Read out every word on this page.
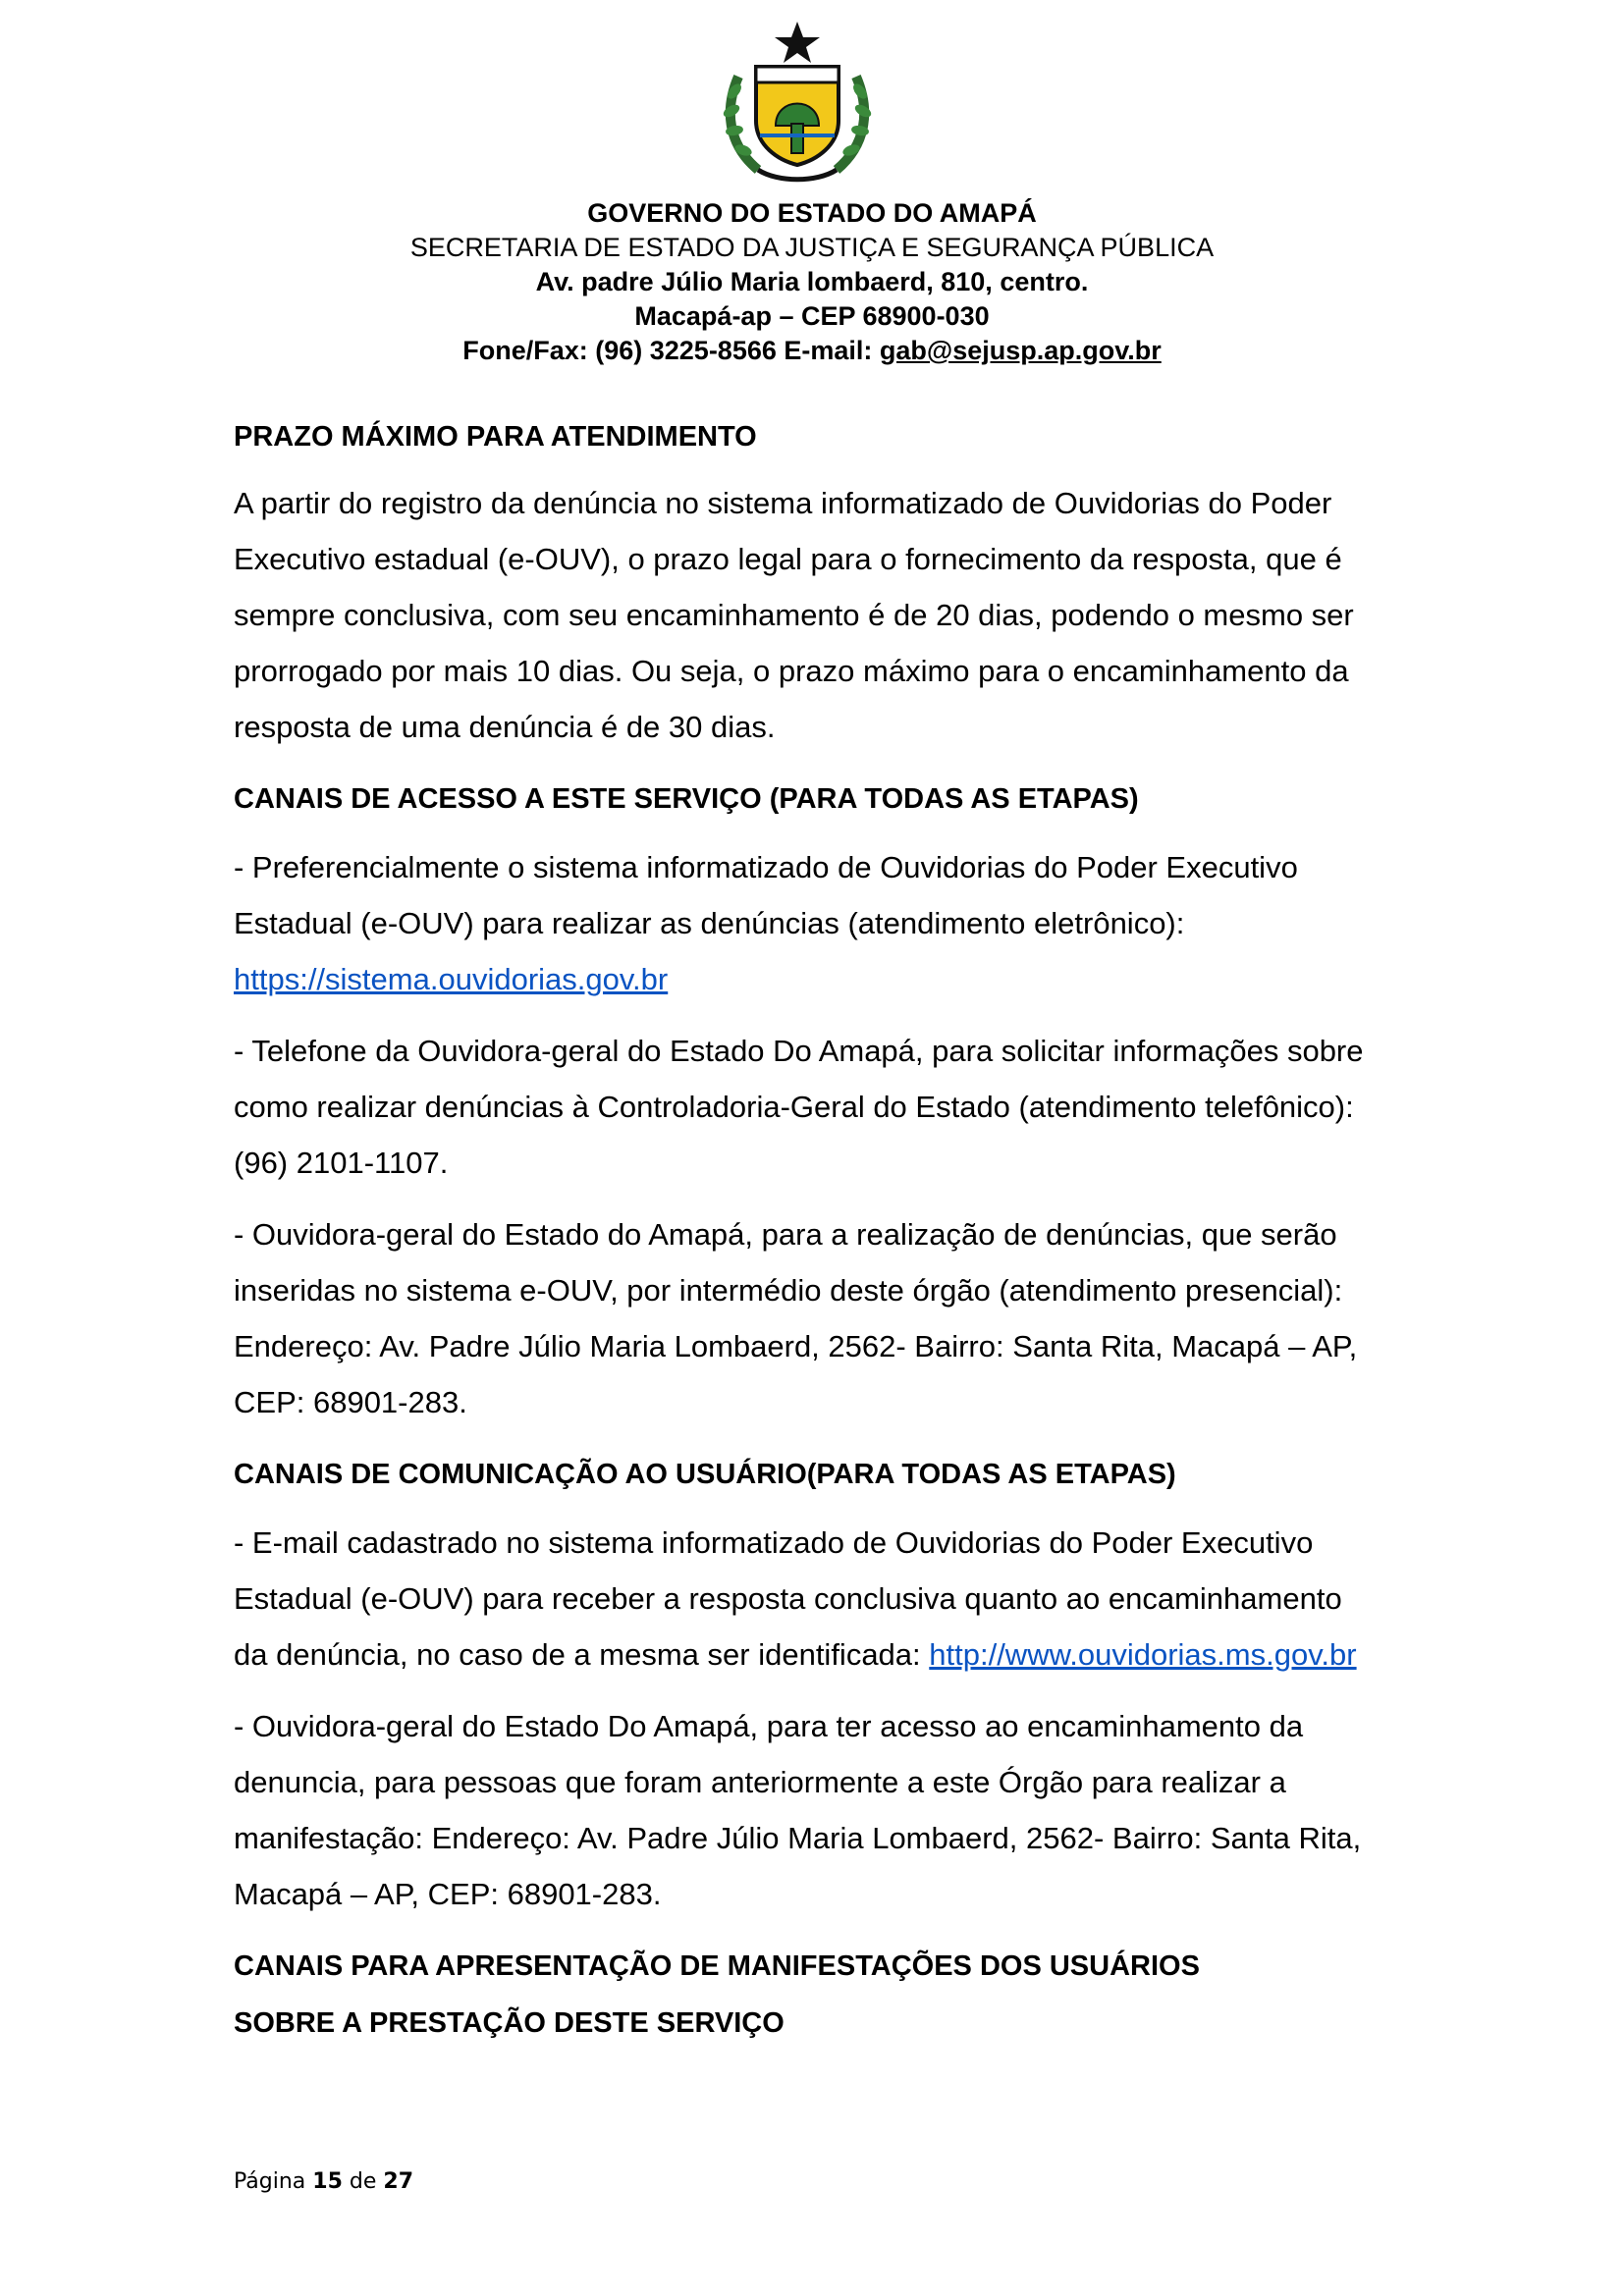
GOVERNO DO ESTADO DO AMAPÁ
SECRETARIA DE ESTADO DA JUSTIÇA E SEGURANÇA PÚBLICA
Av. padre Júlio Maria lombaerd, 810, centro.
Macapá-ap – CEP 68900-030
Fone/Fax: (96) 3225-8566 E-mail: gab@sejusp.ap.gov.br

PRAZO MÁXIMO PARA ATENDIMENTO

A partir do registro da denúncia no sistema informatizado de Ouvidorias do Poder
Executivo estadual (e-OUV), o prazo legal para o fornecimento da resposta, que é
sempre conclusiva, com seu encaminhamento é de 20 dias, podendo o mesmo ser
prorrogado por mais 10 dias. Ou seja, o prazo máximo para o encaminhamento da
resposta de uma denúncia é de 30 dias.

CANAIS DE ACESSO A ESTE SERVIÇO (PARA TODAS AS ETAPAS)

- Preferencialmente o sistema informatizado de Ouvidorias do Poder Executivo
Estadual (e-OUV) para realizar as denúncias (atendimento eletrônico):
https://sistema.ouvidorias.gov.br

- Telefone da Ouvidora-geral do Estado Do Amapá, para solicitar informações sobre
como realizar denúncias à Controladoria-Geral do Estado (atendimento telefônico):
(96) 2101-1107.

- Ouvidora-geral do Estado do Amapá, para a realização de denúncias, que serão
inseridas no sistema e-OUV, por intermédio deste órgão (atendimento presencial):
Endereço: Av. Padre Júlio Maria Lombaerd, 2562- Bairro: Santa Rita, Macapá – AP,
CEP: 68901-283.

CANAIS DE COMUNICAÇÃO AO USUÁRIO(PARA TODAS AS ETAPAS)

- E-mail cadastrado no sistema informatizado de Ouvidorias do Poder Executivo
Estadual (e-OUV) para receber a resposta conclusiva quanto ao encaminhamento
da denúncia, no caso de a mesma ser identificada: http://www.ouvidorias.ms.gov.br

- Ouvidora-geral do Estado Do Amapá, para ter acesso ao encaminhamento da
denuncia, para pessoas que foram anteriormente a este Órgão para realizar a
manifestação: Endereço: Av. Padre Júlio Maria Lombaerd, 2562- Bairro: Santa Rita,
Macapá – AP, CEP: 68901-283.

CANAIS PARA APRESENTAÇÃO DE MANIFESTAÇÕES DOS USUÁRIOS
SOBRE A PRESTAÇÃO DESTE SERVIÇO

Página 15 de 27
